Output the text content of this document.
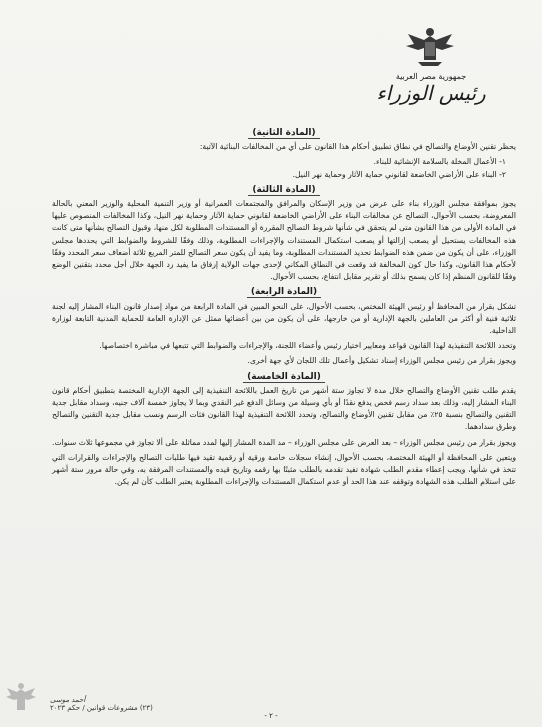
جمهورية مصر العربية
رئيس الوزراء
(المادة الثانية)

يحظر تقنين الأوضاع والتصالح في نطاق تطبيق أحكام هذا القانون على أي من المخالفات البنائية الآتية:

١- الأعمال المخلة بالسلامة الإنشائية للبناء.

٢- البناء على الأراضي الخاضعة لقانوني حماية الآثار وحماية نهر النيل.

(المادة الثالثة)

يجوز بموافقة مجلس الوزراء بناء على عرض من وزير الإسكان والمرافق والمجتمعات العمرانية أو وزير التنمية المحلية والوزير المعني بالحالة المعروضة، بحسب الأحوال، التصالح عن مخالفات البناء على الأراضي الخاضعة لقانوني حماية الآثار وحماية نهر النيل، وكذا المخالفات المنصوص عليها في المادة الأولى من هذا القانون متى لم يتحقق في شأنها شروط التصالح المقررة أو المستندات المطلوبة لكل منها، وقبول التصالح بشأنها متى كانت هذه المخالفات يستحيل أو يصعب إزالتها أو يصعب استكمال المستندات والإجراءات المطلوبة، وذلك وفقًا للشروط والضوابط التي يحددها مجلس الوزراء، على أن يكون من ضمن هذه الضوابط تحديد المستندات المطلوبة، وما يفيد أن يكون سعر التصالح للمتر المربع ثلاثة أضعاف سعر المحدد وفقًا لأحكام هذا القانون، وكذا حال كون المخالفة قد وقعت في النطاق المكاني لإحدى جهات الولاية إرفاق ما يفيد رد الجهة خلال أجل محدد بتقنين الوضع وفقًا للقانون المنظم إذا كان يسمح بذلك أو تقرير مقابل انتفاع، بحسب الأحوال.

(المادة الرابعة)

تشكل بقرار من المحافظ أو رئيس الهيئة المختص، بحسب الأحوال، على النحو المبين في المادة الرابعة من مواد إصدار قانون البناء المشار إليه لجنة ثلاثية فنية أو أكثر من العاملين بالجهة الإدارية أو من خارجها، على أن يكون من بين أعضائها ممثل عن الإدارة العامة للحماية المدنية التابعة لوزارة الداخلية.

وتحدد اللائحة التنفيذية لهذا القانون قواعد ومعايير اختيار رئيس وأعضاء اللجنة، والإجراءات والضوابط التي تتبعها في مباشرة اختصاصها.

ويجوز بقرار من رئيس مجلس الوزراء إسناد تشكيل وأعمال تلك اللجان لأي جهة أخرى.

(المادة الخامسة)

يقدم طلب تقنين الأوضاع والتصالح خلال مدة لا تجاوز ستة أشهر من تاريخ العمل باللائحة التنفيذية إلى الجهة الإدارية المختصة بتطبيق أحكام قانون البناء المشار إليه، وذلك بعد سداد رسم فحص يدفع نقدًا أو بأي وسيلة من وسائل الدفع غير النقدي وبما لا يجاوز خمسة آلاف جنيه، وسداد مقابل جدية التقنين والتصالح بنسبة ٢٥٪ من مقابل تقنين الأوضاع والتصالح، وتحدد اللائحة التنفيذية لهذا القانون فئات الرسم ونسب مقابل جدية التقنين والتصالح وطرق سدادهما.

ويجوز بقرار من رئيس مجلس الوزراء – بعد العرض على مجلس الوزراء – مد المدة المشار إليها لمدد مماثلة على ألا تجاوز في مجموعها ثلاث سنوات.

ويتعين على المحافظة أو الهيئة المختصة، بحسب الأحوال، إنشاء سجلات خاصة ورقية أو رقمية تقيد فيها طلبات التصالح والإجراءات والقرارات التي تتخذ في شأنها، ويجب إعطاء مقدم الطلب شهادة تفيد تقدمه بالطلب مثبتًا بها رقمه وتاريخ قيده والمستندات المرفقة به، وفي حالة مرور ستة أشهر على استلام الطلب هذه الشهادة وتوقفه عند هذا الحد أو عدم استكمال المستندات والإجراءات المطلوبة يعتبر الطلب كأن لم يكن.

أحمد موسى
(٢٣) مشروعات قوانين / حكم ٢٠٢٣
- ٢ -
